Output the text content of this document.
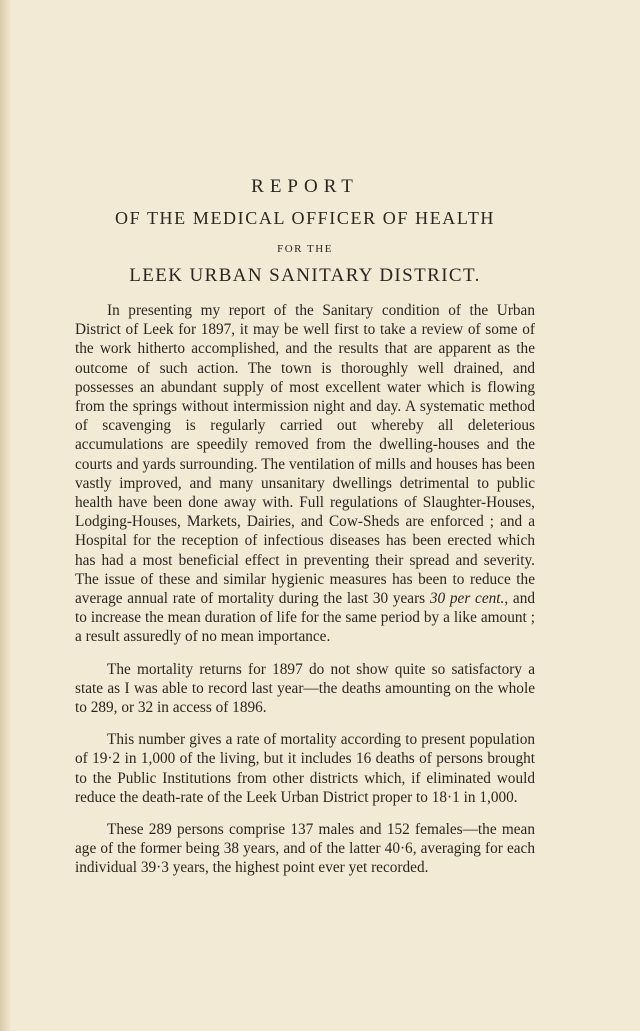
REPORT
OF THE MEDICAL OFFICER OF HEALTH
FOR THE
LEEK URBAN SANITARY DISTRICT.

In presenting my report of the Sanitary condition of the Urban District of Leek for 1897, it may be well first to take a review of some of the work hitherto accomplished, and the results that are apparent as the outcome of such action. The town is thoroughly well drained, and possesses an abundant supply of most excellent water which is flowing from the springs without intermission night and day. A systematic method of scavenging is regularly carried out whereby all deleterious accumulations are speedily removed from the dwelling-houses and the courts and yards surrounding. The ventilation of mills and houses has been vastly improved, and many unsanitary dwellings detrimental to public health have been done away with. Full regulations of Slaughter-Houses, Lodging-Houses, Markets, Dairies, and Cow-Sheds are enforced ; and a Hospital for the reception of infectious diseases has been erected which has had a most beneficial effect in preventing their spread and severity. The issue of these and similar hygienic measures has been to reduce the average annual rate of mortality during the last 30 years 30 per cent., and to increase the mean duration of life for the same period by a like amount ; a result assuredly of no mean importance.

The mortality returns for 1897 do not show quite so satisfactory a state as I was able to record last year—the deaths amounting on the whole to 289, or 32 in access of 1896.

This number gives a rate of mortality according to present population of 19·2 in 1,000 of the living, but it includes 16 deaths of persons brought to the Public Institutions from other districts which, if eliminated would reduce the death-rate of the Leek Urban District proper to 18·1 in 1,000.

These 289 persons comprise 137 males and 152 females—the mean age of the former being 38 years, and of the latter 40·6, averaging for each individual 39·3 years, the highest point ever yet recorded.
